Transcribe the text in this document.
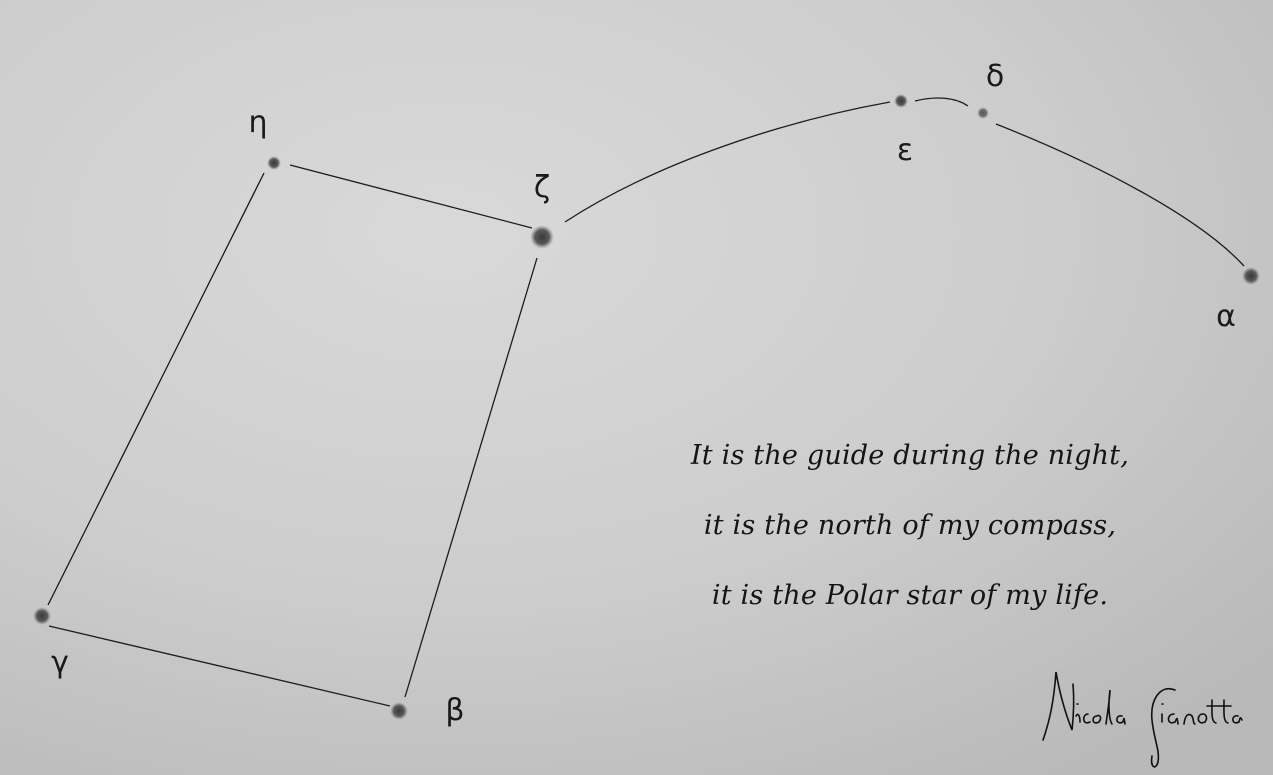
η
ζ
ε
δ
α
γ
β
It is the guide during the night,
it is the north of my compass,
it is the Polar star of my life.
